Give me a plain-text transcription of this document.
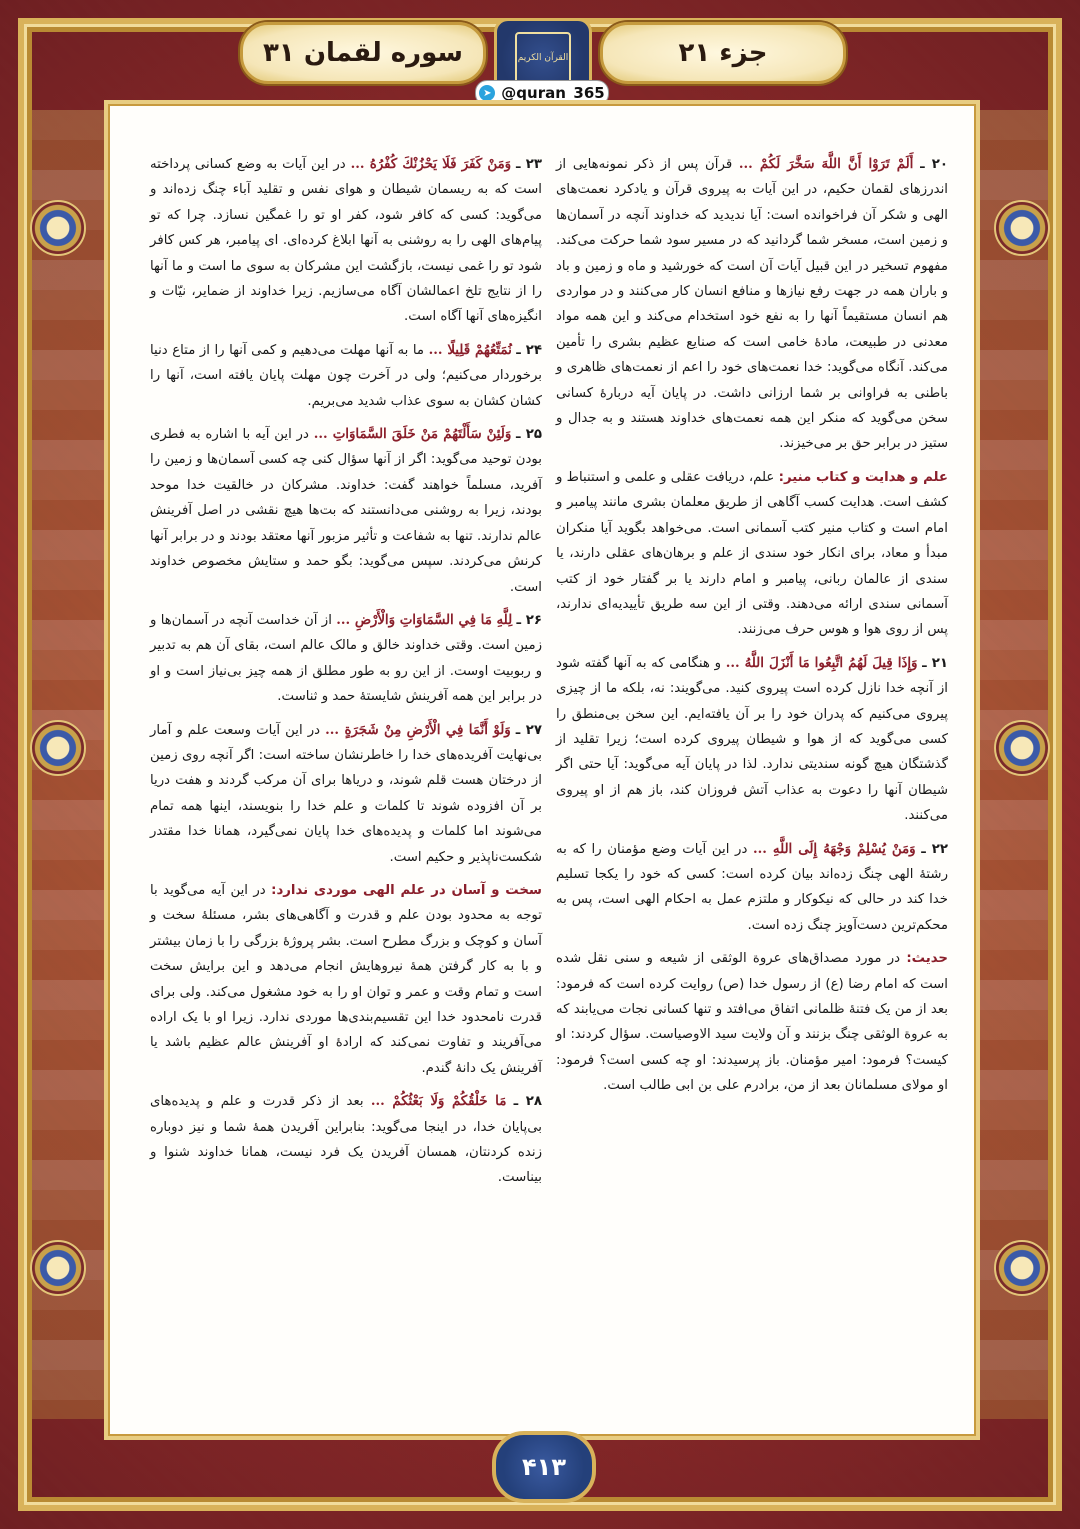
سوره لقمان ۳۱	القرآن الكريم	جزء ۲۱
➤ @quran_365

۲۰ ـ أَلَمْ تَرَوْا أَنَّ اللَّهَ سَخَّرَ لَكُمْ ... قرآن پس از ذکر نمونه‌هایی از اندرزهای لقمان حکیم، در این آیات به پیروی قرآن و یادکرد نعمت‌های الهی و شکر آن فراخوانده است: آیا ندیدید که خداوند آنچه در آسمان‌ها و زمین است، مسخر شما گردانید که در مسیر سود شما حرکت می‌کند. مفهوم تسخیر در این قبیل آیات آن است که خورشید و ماه و زمین و باد و باران همه در جهت رفع نیازها و منافع انسان کار می‌کنند و در مواردی هم انسان مستقیماً آنها را به نفع خود استخدام می‌کند و این همه مواد معدنی در طبیعت، مادهٔ خامی است که صنایع عظیم بشری را تأمین می‌کند. آنگاه می‌گوید: خدا نعمت‌های خود را اعم از نعمت‌های ظاهری و باطنی به فراوانی بر شما ارزانی داشت. در پایان آیه دربارهٔ کسانی سخن می‌گوید که منکر این همه نعمت‌های خداوند هستند و به جدال و ستیز در برابر حق بر می‌خیزند.

علم و هدایت و کتاب منیر: علم، دریافت عقلی و علمی و استنباط و کشف است. هدایت کسب آگاهی از طریق معلمان بشری مانند پیامبر و امام است و کتاب منیر کتب آسمانی است. می‌خواهد بگوید آیا منکران مبدأ و معاد، برای انکار خود سندی از علم و برهان‌های عقلی دارند، یا سندی از عالمان ربانی، پیامبر و امام دارند یا بر گفتار خود از کتب آسمانی سندی ارائه می‌دهند. وقتی از این سه طریق تأییدیه‌ای ندارند، پس از روی هوا و هوس حرف می‌زنند.

۲۱ ـ وَإِذَا قِيلَ لَهُمُ اتَّبِعُوا مَا أَنْزَلَ اللَّهُ ... و هنگامی که به آنها گفته شود از آنچه خدا نازل کرده است پیروی کنید. می‌گویند: نه، بلکه ما از چیزی پیروی می‌کنیم که پدران خود را بر آن یافته‌ایم. این سخن بی‌منطق را کسی می‌گوید که از هوا و شیطان پیروی کرده است؛ زیرا تقلید از گذشتگان هیچ گونه سندیتی ندارد. لذا در پایان آیه می‌گوید: آیا حتی اگر شیطان آنها را دعوت به عذاب آتش فروزان کند، باز هم از او پیروی می‌کنند.

۲۲ ـ وَمَنْ يُسْلِمْ وَجْهَهُ إِلَى اللَّهِ ... در این آیات وضع مؤمنان را که به رشتهٔ الهی چنگ زده‌اند بیان کرده است: کسی که خود را یکجا تسلیم خدا کند در حالی که نیکوکار و ملتزم عمل به احکام الهی است، پس به محکم‌ترین دست‌آویز چنگ زده است.

حدیث: در مورد مصداق‌های عروة الوثقی از شیعه و سنی نقل شده است که امام رضا (ع) از رسول خدا (ص) روایت کرده است که فرمود: بعد از من یک فتنهٔ ظلمانی اتفاق می‌افتد و تنها کسانی نجات می‌یابند که به عروة الوثقی چنگ بزنند و آن ولایت سید الاوصیاست. سؤال کردند: او کیست؟ فرمود: امیر مؤمنان. باز پرسیدند: او چه کسی است؟ فرمود: او مولای مسلمانان بعد از من، برادرم علی بن ابی طالب است.

۲۳ ـ وَمَنْ كَفَرَ فَلَا يَحْزُنْكَ كُفْرُهُ ... در این آیات به وضع کسانی پرداخته است که به ریسمان شیطان و هوای نفس و تقلید آباء چنگ زده‌اند و می‌گوید: کسی که کافر شود، کفر او تو را غمگین نسازد. چرا که تو پیام‌های الهی را به روشنی به آنها ابلاغ کرده‌ای. ای پیامبر، هر کس کافر شود تو را غمی نیست، بازگشت این مشرکان به سوی ما است و ما آنها را از نتایج تلخ اعمالشان آگاه می‌سازیم. زیرا خداوند از ضمایر، نیّات و انگیزه‌های آنها آگاه است.

۲۴ ـ نُمَتِّعُهُمْ قَلِيلًا ... ما به آنها مهلت می‌دهیم و کمی آنها را از متاع دنیا برخوردار می‌کنیم؛ ولی در آخرت چون مهلت پایان یافته است، آنها را کشان کشان به سوی عذاب شدید می‌بریم.

۲۵ ـ وَلَئِنْ سَأَلْتَهُمْ مَنْ خَلَقَ السَّمَاوَاتِ ... در این آیه با اشاره به فطری بودن توحید می‌گوید: اگر از آنها سؤال کنی چه کسی آسمان‌ها و زمین را آفرید، مسلماً خواهند گفت: خداوند. مشرکان در خالقیت خدا موحد بودند، زیرا به روشنی می‌دانستند که بت‌ها هیچ نقشی در اصل آفرینش عالم ندارند. تنها به شفاعت و تأثیر مزبور آنها معتقد بودند و در برابر آنها کرنش می‌کردند. سپس می‌گوید: بگو حمد و ستایش مخصوص خداوند است.

۲۶ ـ لِلَّهِ مَا فِي السَّمَاوَاتِ وَالْأَرْضِ ... از آن خداست آنچه در آسمان‌ها و زمین است. وقتی خداوند خالق و مالک عالم است، بقای آن هم به تدبیر و ربوبیت اوست. از این رو به طور مطلق از همه چیز بی‌نیاز است و او در برابر این همه آفرینش شایستهٔ حمد و ثناست.

۲۷ ـ وَلَوْ أَنَّمَا فِي الْأَرْضِ مِنْ شَجَرَةٍ ... در این آیات وسعت علم و آمار بی‌نهایت آفریده‌های خدا را خاطرنشان ساخته است: اگر آنچه روی زمین از درختان هست قلم شوند، و دریاها برای آن مرکب گردند و هفت دریا بر آن افزوده شوند تا کلمات و علم خدا را بنویسند، اینها همه تمام می‌شوند اما کلمات و پدیده‌های خدا پایان نمی‌گیرد، همانا خدا مقتدر شکست‌ناپذیر و حکیم است.

سخت و آسان در علم الهی موردی ندارد: در این آیه می‌گوید با توجه به محدود بودن علم و قدرت و آگاهی‌های بشر، مسئلهٔ سخت و آسان و کوچک و بزرگ مطرح است. بشر پروژهٔ بزرگی را با زمان بیشتر و با به کار گرفتن همهٔ نیروهایش انجام می‌دهد و این برایش سخت است و تمام وقت و عمر و توان او را به خود مشغول می‌کند. ولی برای قدرت نامحدود خدا این تقسیم‌بندی‌ها موردی ندارد. زیرا او با یک اراده می‌آفریند و تفاوت نمی‌کند که ارادهٔ او آفرینش عالم عظیم باشد یا آفرینش یک دانهٔ گندم.

۲۸ ـ مَا خَلْقُكُمْ وَلَا بَعْثُكُمْ ... بعد از ذکر قدرت و علم و پدیده‌های بی‌پایان خدا، در اینجا می‌گوید: بنابراین آفریدن همهٔ شما و نیز دوباره زنده کردنتان، همسان آفریدن یک فرد نیست، همانا خداوند شنوا و بیناست.

۴۱۳
